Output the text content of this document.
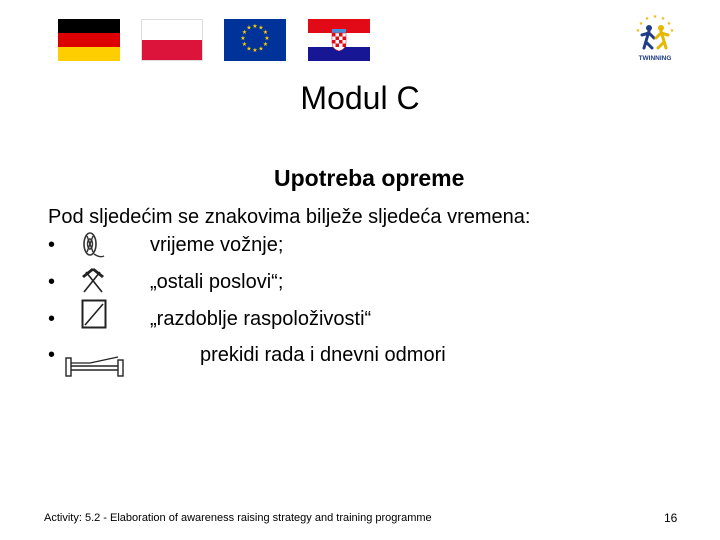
★ ★
★
★
★
★
★
★
★
★
★
★
★ ★
★
★
★
★
★
TWINNING
Modul C
Upotreba opreme
Pod sljedećim se znakovima bilježe sljedeća vremena:
•	vrijeme vožnje;
•	„ostali poslovi“;
•	„razdoblje raspoloživosti“
•	prekidi rada i dnevni odmori
Activity: 5.2 - Elaboration of awareness raising strategy and training programme	16
